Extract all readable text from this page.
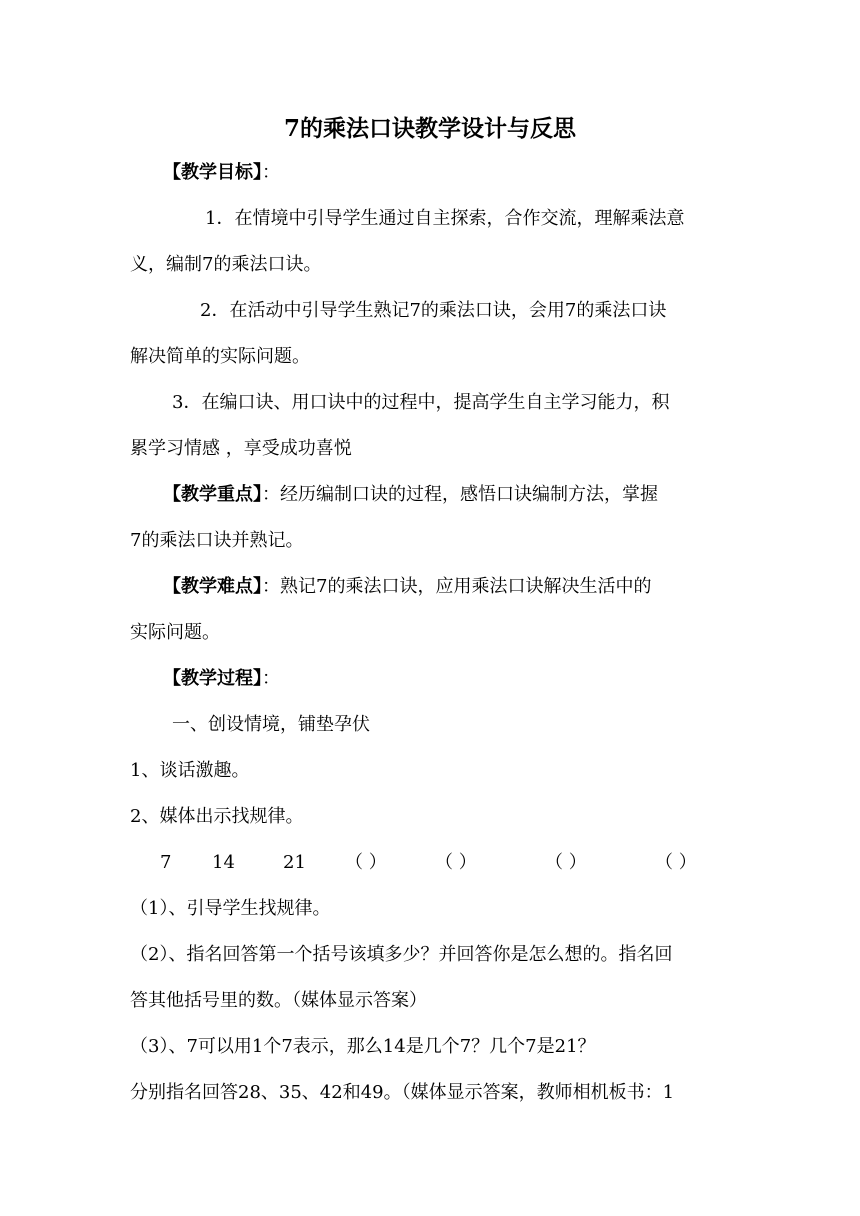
7的乘法口诀教学设计与反思
【教学目标】：
1．在情境中引导学生通过自主探索，合作交流，理解乘法意
义，编制7的乘法口诀。
2．在活动中引导学生熟记7的乘法口诀，会用7的乘法口诀
解决简单的实际问题。
3．在编口诀、用口诀中的过程中，提高学生自主学习能力，积
累学习情感 ，享受成功喜悦
【教学重点】：经历编制口诀的过程，感悟口诀编制方法，掌握
7的乘法口诀并熟记。
【教学难点】：熟记7的乘法口诀，应用乘法口诀解决生活中的
实际问题。
【教学过程】：
一、创设情境，铺垫孕伏
1、谈话激趣。
2、媒体出示找规律。
7 14	21 （ ）	（ ）	（ ）	（ ）
（1）、引导学生找规律。
（2）、指名回答第一个括号该填多少？并回答你是怎么想的。指名回
答其他括号里的数。（媒体显示答案）
（3）、7可以用1个7表示，那么14是几个7？几个7是21？
分别指名回答28、35、42和49。（媒体显示答案，教师相机板书：1
